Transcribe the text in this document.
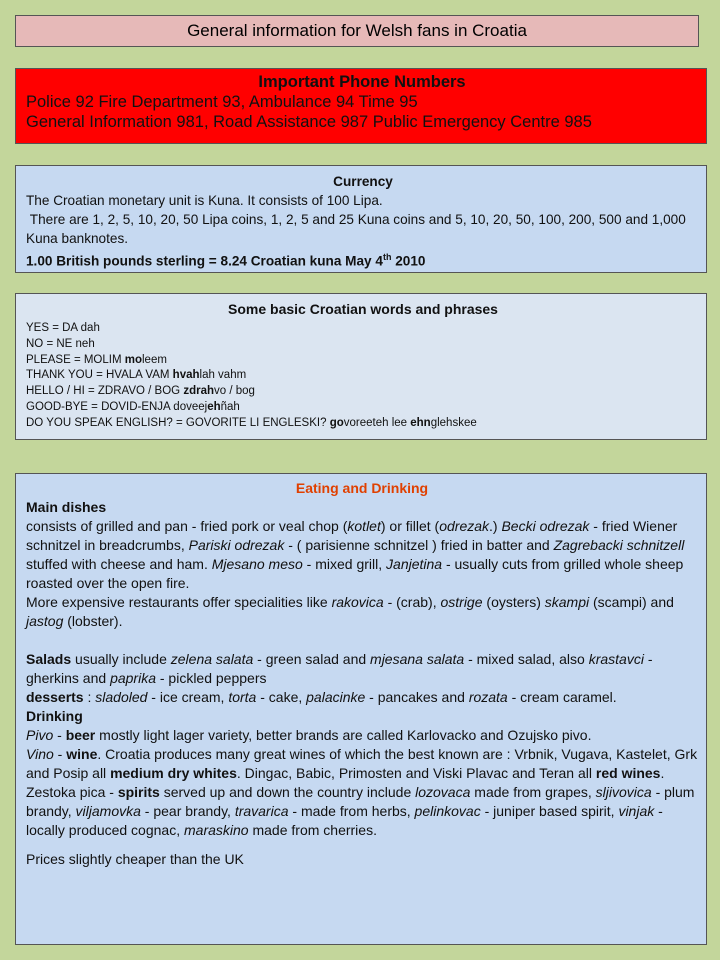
General information for Welsh fans in Croatia
Important Phone Numbers
Police 92 Fire Department 93, Ambulance 94 Time 95
General Information 981, Road Assistance 987 Public Emergency Centre 985
Currency
The Croatian monetary unit is Kuna. It consists of 100 Lipa.
There are 1, 2, 5, 10, 20, 50 Lipa coins, 1, 2, 5 and 25 Kuna coins and 5, 10, 20, 50, 100, 200, 500 and 1,000 Kuna banknotes.
1.00 British pounds sterling = 8.24 Croatian kuna May 4th 2010
Some basic Croatian words and phrases
YES = DA dah
NO = NE neh
PLEASE = MOLIM moleem
THANK YOU = HVALA VAM hvahlah vahm
HELLO / HI = ZDRAVO / BOG zdrahvo / bog
GOOD-BYE = DOVID-ENJA doveejehñah
DO YOU SPEAK ENGLISH? = GOVORITE LI ENGLESKI? govoreeteh lee ehnglehskee
Eating and Drinking

Main dishes

consists of grilled and pan - fried pork or veal chop (kotlet) or fillet (odrezak.) Becki odrezak - fried Wiener schnitzel in breadcrumbs, Pariski odrezak - ( parisienne schnitzel ) fried in batter and Zagrebacki schnitzell stuffed with cheese and ham. Mjesano meso - mixed grill, Janjetina - usually cuts from grilled whole sheep roasted over the open fire.

More expensive restaurants offer specialities like rakovica - (crab), ostrige (oysters) skampi (scampi) and jastog (lobster).

Salads usually include zelena salata - green salad and mjesana salata - mixed salad, also krastavci - gherkins and paprika - pickled peppers

desserts : sladoled - ice cream, torta - cake, palacinke - pancakes and rozata - cream caramel.

Drinking

Pivo - beer mostly light lager variety, better brands are called Karlovacko and Ozujsko pivo.

Vino - wine. Croatia produces many great wines of which the best known are : Vrbnik, Vugava, Kastelet, Grk and Posip all medium dry whites. Dingac, Babic, Primosten and Viski Plavac and Teran all red wines.

Zestoka pica - spirits served up and down the country include lozovaca made from grapes, sljivovica - plum brandy, viljamovka - pear brandy, travarica - made from herbs, pelinkovac - juniper based spirit, vinjak - locally produced cognac, maraskino made from cherries.

Prices slightly cheaper than the UK
